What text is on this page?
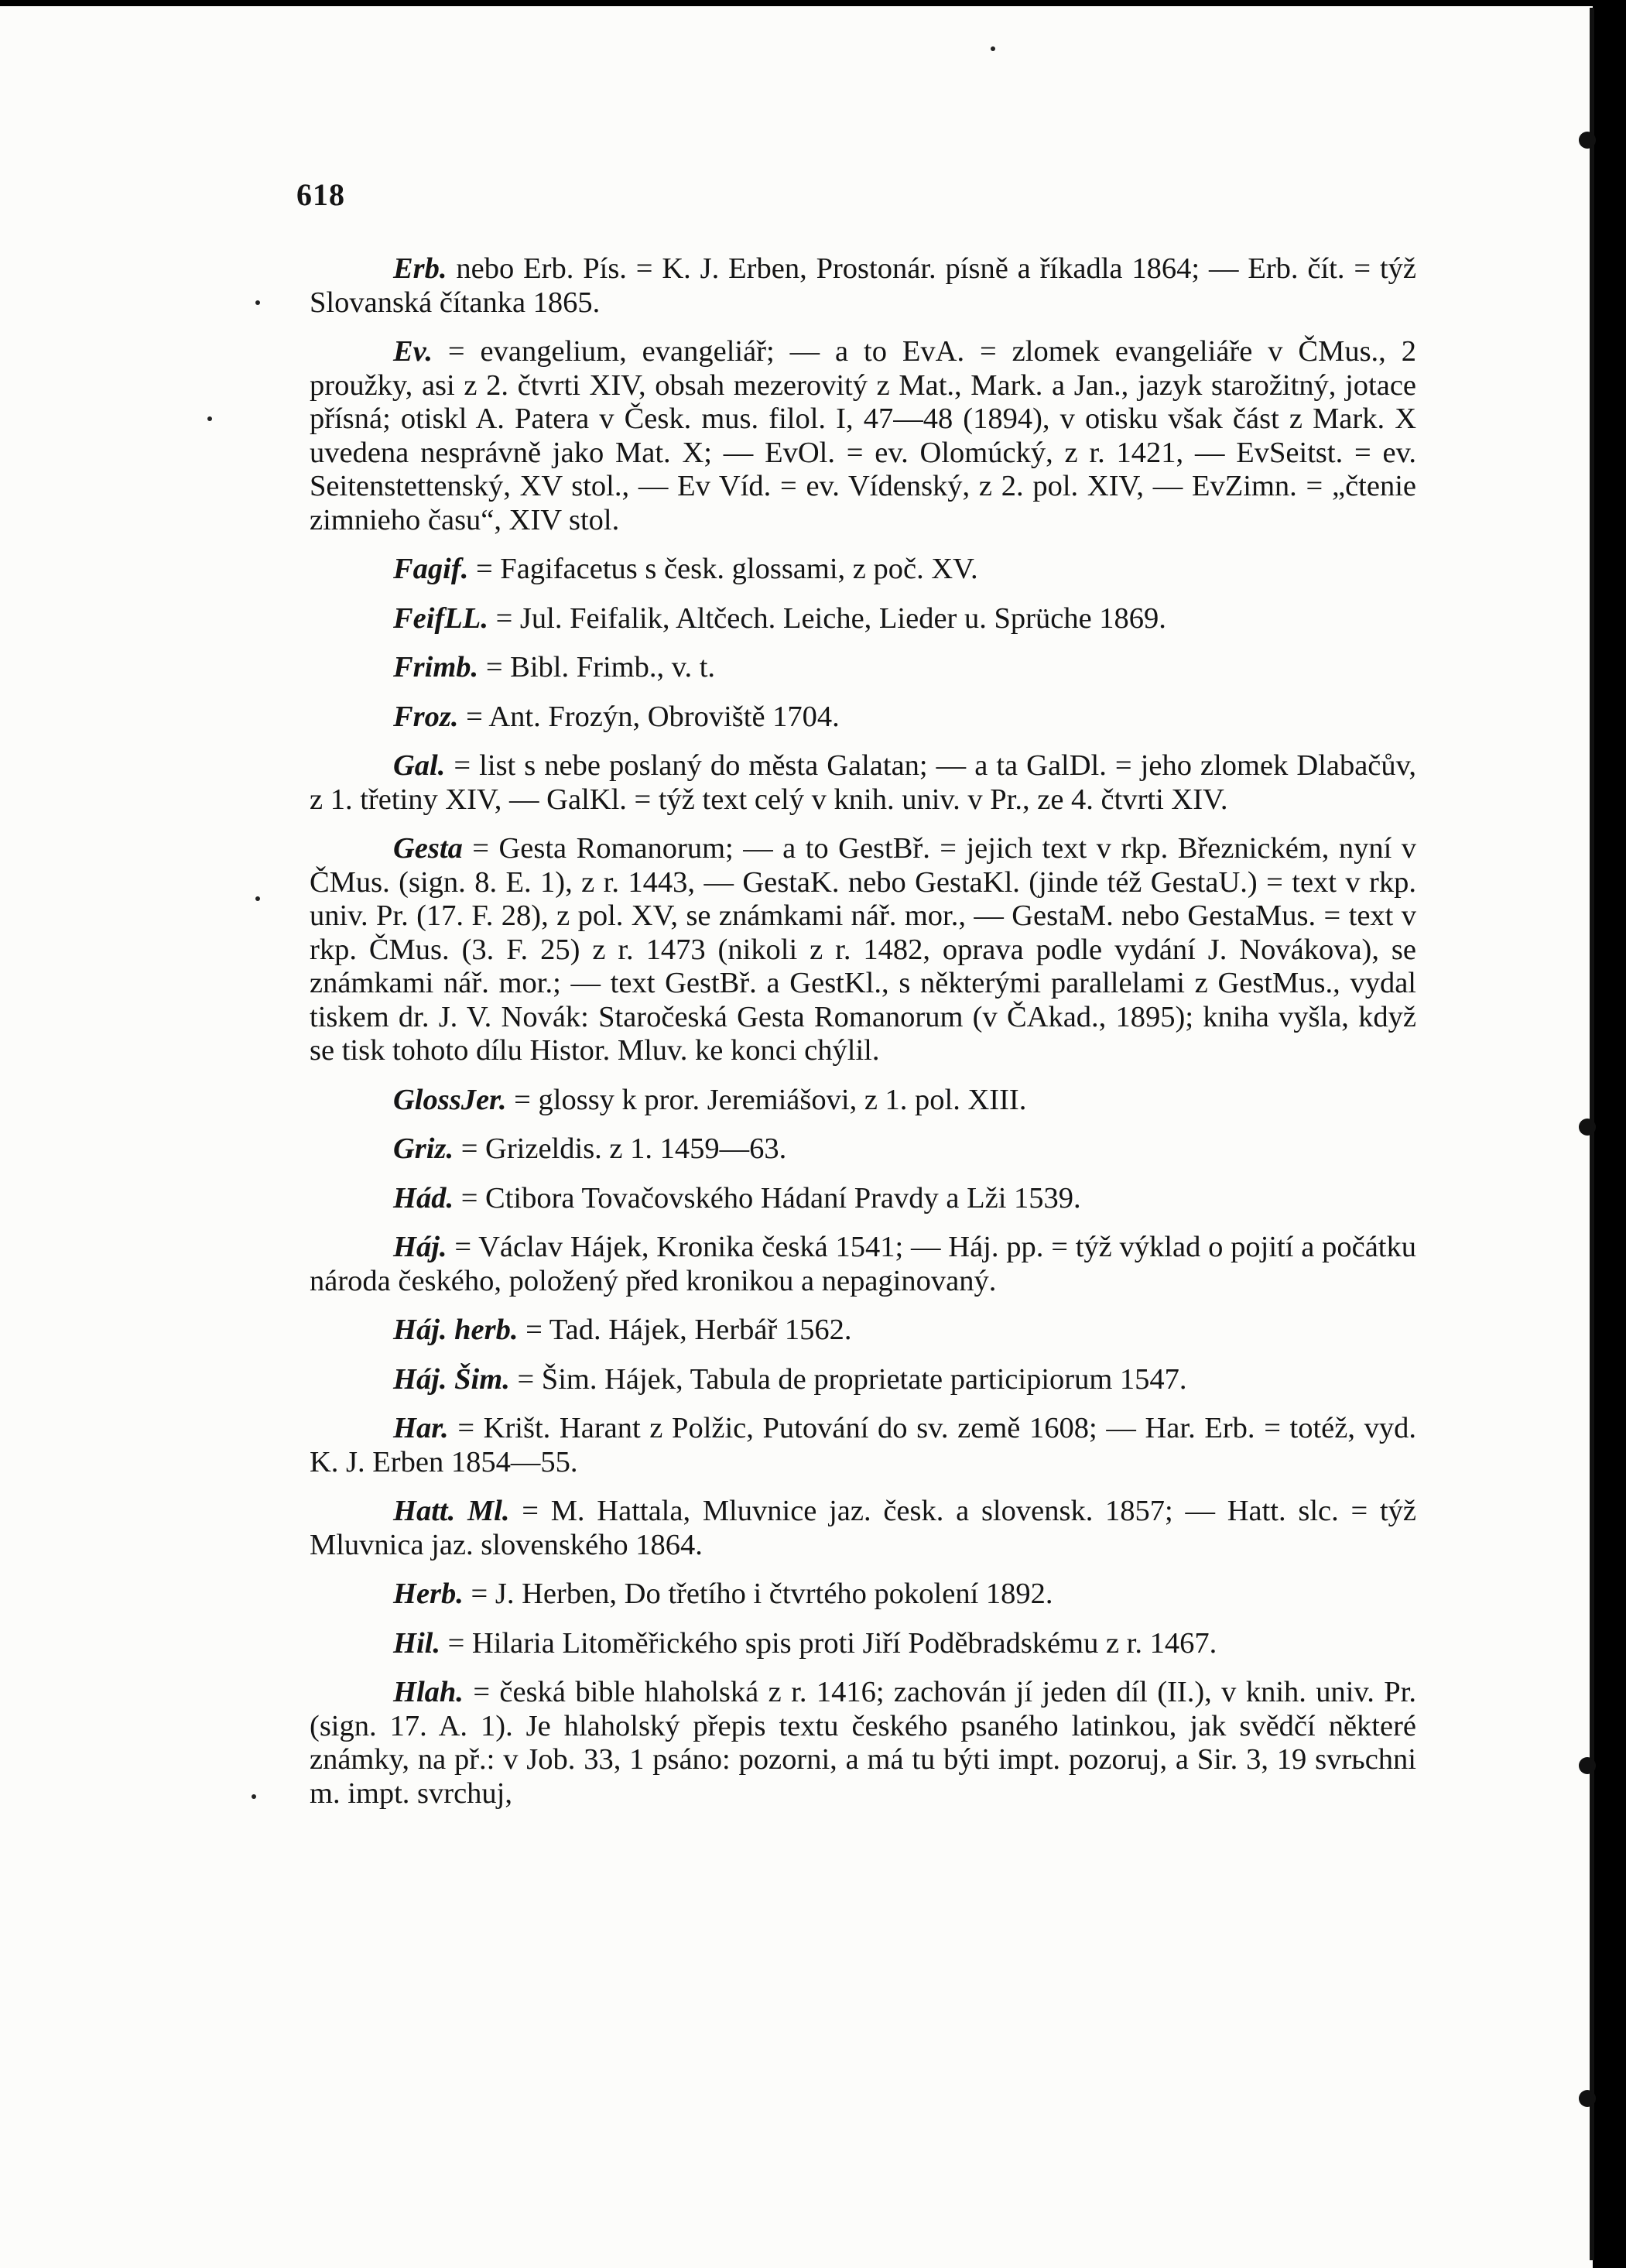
618

Erb. nebo Erb. Pís. = K. J. Erben, Prostonár. písně a říkadla 1864; — Erb. čít. = týž Slovanská čítanka 1865.

Ev. = evangelium, evangeliář; — a to EvA. = zlomek evangeliáře v ČMus., 2 proužky, asi z 2. čtvrti XIV, obsah mezerovitý z Mat., Mark. a Jan., jazyk starožitný, jotace přísná; otiskl A. Patera v Česk. mus. filol. I, 47—48 (1894), v otisku však část z Mark. X uvedena nesprávně jako Mat. X; — EvOl. = ev. Olomúcký, z r. 1421, — EvSeitst. = ev. Seitenstettenský, XV stol., — Ev Víd. = ev. Vídenský, z 2. pol. XIV, — EvZimn. = „čtenie zimnieho času“, XIV stol.

Fagif. = Fagifacetus s česk. glossami, z poč. XV.

FeifLL. = Jul. Feifalik, Altčech. Leiche, Lieder u. Sprüche 1869.

Frimb. = Bibl. Frimb., v. t.

Froz. = Ant. Frozýn, Obroviště 1704.

Gal. = list s nebe poslaný do města Galatan; — a ta GalDl. = jeho zlomek Dlabačův, z 1. třetiny XIV, — GalKl. = týž text celý v knih. univ. v Pr., ze 4. čtvrti XIV.

Gesta = Gesta Romanorum; — a to GestBř. = jejich text v rkp. Březnickém, nyní v ČMus. (sign. 8. E. 1), z r. 1443, — GestaK. nebo GestaKl. (jinde též GestaU.) = text v rkp. univ. Pr. (17. F. 28), z pol. XV, se známkami nář. mor., — GestaM. nebo GestaMus. = text v rkp. ČMus. (3. F. 25) z r. 1473 (nikoli z r. 1482, oprava podle vydání J. Novákova), se známkami nář. mor.; — text GestBř. a GestKl., s některými parallelami z GestMus., vydal tiskem dr. J. V. Novák: Staročeská Gesta Romanorum (v ČAkad., 1895); kniha vyšla, když se tisk tohoto dílu Histor. Mluv. ke konci chýlil.

GlossJer. = glossy k pror. Jeremiášovi, z 1. pol. XIII.

Griz. = Grizeldis. z 1. 1459—63.

Hád. = Ctibora Tovačovského Hádaní Pravdy a Lži 1539.

Háj. = Václav Hájek, Kronika česká 1541; — Háj. pp. = týž výklad o pojití a počátku národa českého, položený před kronikou a nepaginovaný.

Háj. herb. = Tad. Hájek, Herbář 1562.

Háj. Šim. = Šim. Hájek, Tabula de proprietate participiorum 1547.

Har. = Krišt. Harant z Polžic, Putování do sv. země 1608; — Har. Erb. = totéž, vyd. K. J. Erben 1854—55.

Hatt. Ml. = M. Hattala, Mluvnice jaz. česk. a slovensk. 1857; — Hatt. slc. = týž Mluvnica jaz. slovenského 1864.

Herb. = J. Herben, Do třetího i čtvrtého pokolení 1892.

Hil. = Hilaria Litoměřického spis proti Jiří Poděbradskému z r. 1467.

Hlah. = česká bible hlaholská z r. 1416; zachován jí jeden díl (II.), v knih. univ. Pr. (sign. 17. A. 1). Je hlaholský přepis textu českého psaného latinkou, jak svědčí některé známky, na př.: v Job. 33, 1 psáno: pozorni, a má tu býti impt. pozoruj, a Sir. 3, 19 svrьchni m. impt. svrchuj,
